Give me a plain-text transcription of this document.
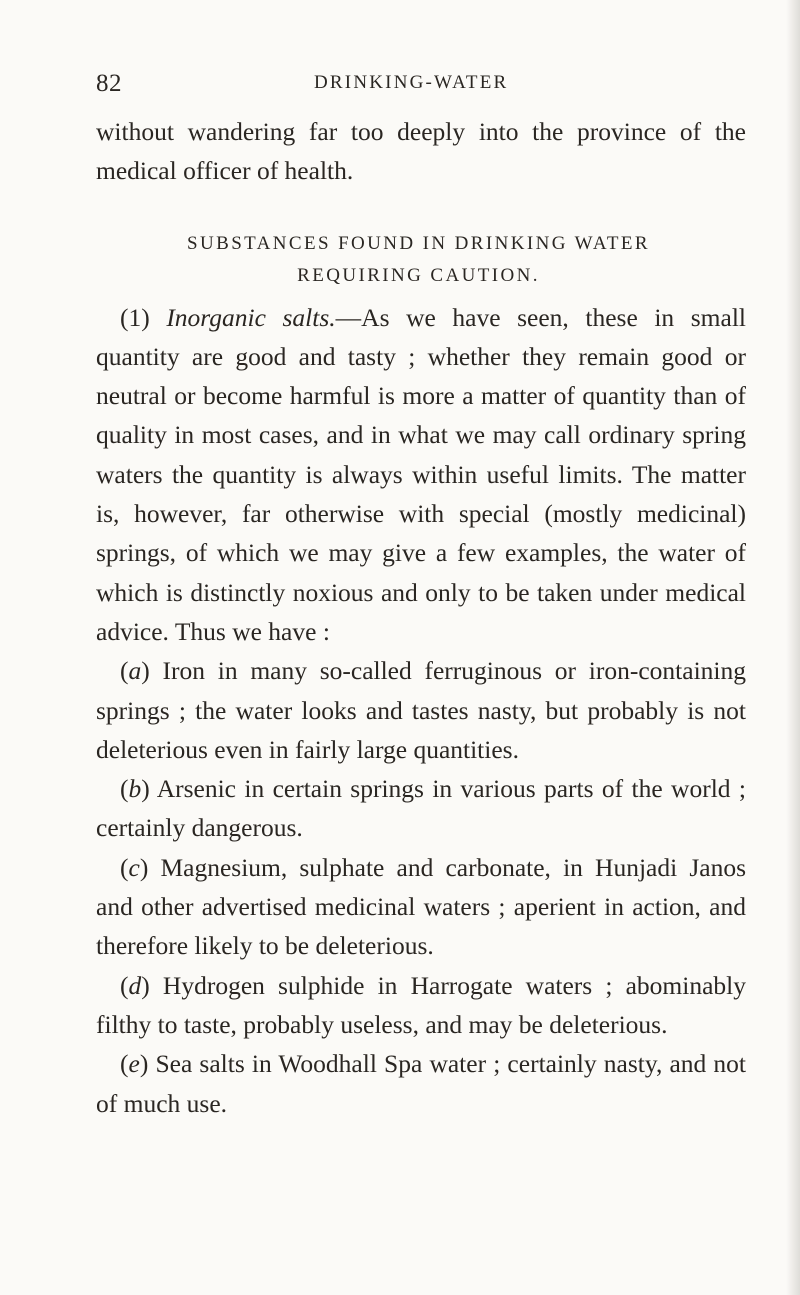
82	DRINKING-WATER

without wandering far too deeply into the province of the medical officer of health.

SUBSTANCES FOUND IN DRINKING WATER
REQUIRING CAUTION.

(1) Inorganic salts.—As we have seen, these in small quantity are good and tasty ; whether they remain good or neutral or become harmful is more a matter of quantity than of quality in most cases, and in what we may call ordinary spring waters the quantity is always within useful limits. The matter is, however, far otherwise with special (mostly medicinal) springs, of which we may give a few examples, the water of which is distinctly noxious and only to be taken under medical advice. Thus we have :

(a) Iron in many so-called ferruginous or iron-containing springs ; the water looks and tastes nasty, but probably is not deleterious even in fairly large quantities.

(b) Arsenic in certain springs in various parts of the world ; certainly dangerous.

(c) Magnesium, sulphate and carbonate, in Hunjadi Janos and other advertised medicinal waters ; aperient in action, and therefore likely to be deleterious.

(d) Hydrogen sulphide in Harrogate waters ; abominably filthy to taste, probably useless, and may be deleterious.

(e) Sea salts in Woodhall Spa water ; certainly nasty, and not of much use.
